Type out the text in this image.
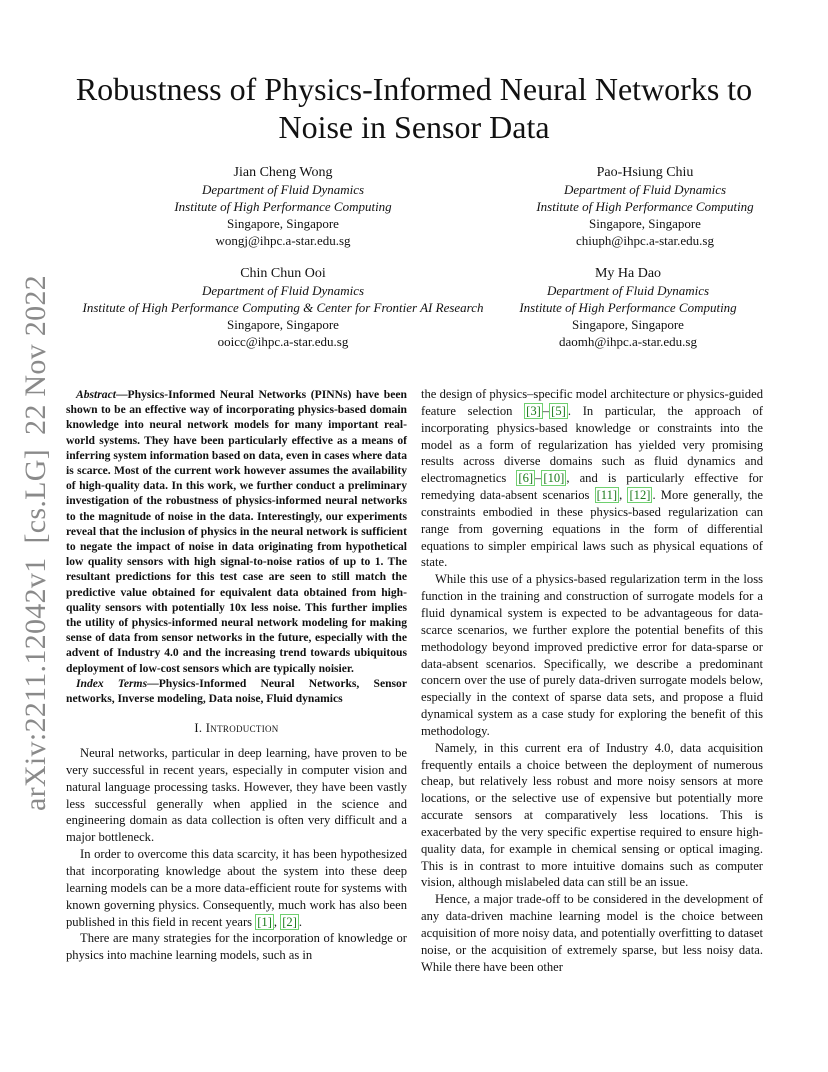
arXiv:2211.12042v1[cs.LG]22 Nov 2022
Robustness of Physics-Informed Neural Networks to
Noise in Sensor Data
Jian Cheng Wong
Department of Fluid Dynamics
Institute of High Performance Computing
Singapore, Singapore
wongj@ihpc.a-star.edu.sg
Pao-Hsiung Chiu
Department of Fluid Dynamics
Institute of High Performance Computing
Singapore, Singapore
chiuph@ihpc.a-star.edu.sg
Chin Chun Ooi
Department of Fluid Dynamics
Institute of High Performance Computing & Center for Frontier AI Research
Singapore, Singapore
ooicc@ihpc.a-star.edu.sg
My Ha Dao
Department of Fluid Dynamics
Institute of High Performance Computing
Singapore, Singapore
daomh@ihpc.a-star.edu.sg

Abstract—Physics-Informed Neural Networks (PINNs) have been shown to be an effective way of incorporating physics-based domain knowledge into neural network models for many important real-world systems. They have been particularly effective as a means of inferring system information based on data, even in cases where data is scarce. Most of the current work however assumes the availability of high-quality data. In this work, we further conduct a preliminary investigation of the robustness of physics-informed neural networks to the magnitude of noise in the data. Interestingly, our experiments reveal that the inclusion of physics in the neural network is sufficient to negate the impact of noise in data originating from hypothetical low quality sensors with high signal-to-noise ratios of up to 1. The resultant predictions for this test case are seen to still match the predictive value obtained for equivalent data obtained from high-quality sensors with potentially 10x less noise. This further implies the utility of physics-informed neural network modeling for making sense of data from sensor networks in the future, especially with the advent of Industry 4.0 and the increasing trend towards ubiquitous deployment of low-cost sensors which are typically noisier.

Index Terms—Physics-Informed Neural Networks, Sensor networks, Inverse modeling, Data noise, Fluid dynamics

I. Introduction

Neural networks, particular in deep learning, have proven to be very successful in recent years, especially in computer vision and natural language processing tasks. However, they have been vastly less successful generally when applied in the science and engineering domain as data collection is often very difficult and a major bottleneck.

In order to overcome this data scarcity, it has been hypothesized that incorporating knowledge about the system into these deep learning models can be a more data-efficient route for systems with known governing physics. Consequently, much work has also been published in this field in recent years [1] , [2] .

There are many strategies for the incorporation of knowledge or physics into machine learning models, such as in

the design of physics–specific model architecture or physics-guided feature selection [3] – [5] . In particular, the approach of incorporating physics-based knowledge or constraints into the model as a form of regularization has yielded very promising results across diverse domains such as fluid dynamics and electromagnetics [6] – [10] , and is particularly effective for remedying data-absent scenarios [11] , [12] . More generally, the constraints embodied in these physics-based regularization can range from governing equations in the form of differential equations to simpler empirical laws such as physical equations of state.

While this use of a physics-based regularization term in the loss function in the training and construction of surrogate models for a fluid dynamical system is expected to be advantageous for data-scarce scenarios, we further explore the potential benefits of this methodology beyond improved predictive error for data-sparse or data-absent scenarios. Specifically, we describe a predominant concern over the use of purely data-driven surrogate models below, especially in the context of sparse data sets, and propose a fluid dynamical system as a case study for exploring the benefit of this methodology.

Namely, in this current era of Industry 4.0, data acquisition frequently entails a choice between the deployment of numerous cheap, but relatively less robust and more noisy sensors at more locations, or the selective use of expensive but potentially more accurate sensors at comparatively less locations. This is exacerbated by the very specific expertise required to ensure high-quality data, for example in chemical sensing or optical imaging. This is in contrast to more intuitive domains such as computer vision, although mislabeled data can still be an issue.

Hence, a major trade-off to be considered in the development of any data-driven machine learning model is the choice between acquisition of more noisy data, and potentially overfitting to dataset noise, or the acquisition of extremely sparse, but less noisy data. While there have been other
